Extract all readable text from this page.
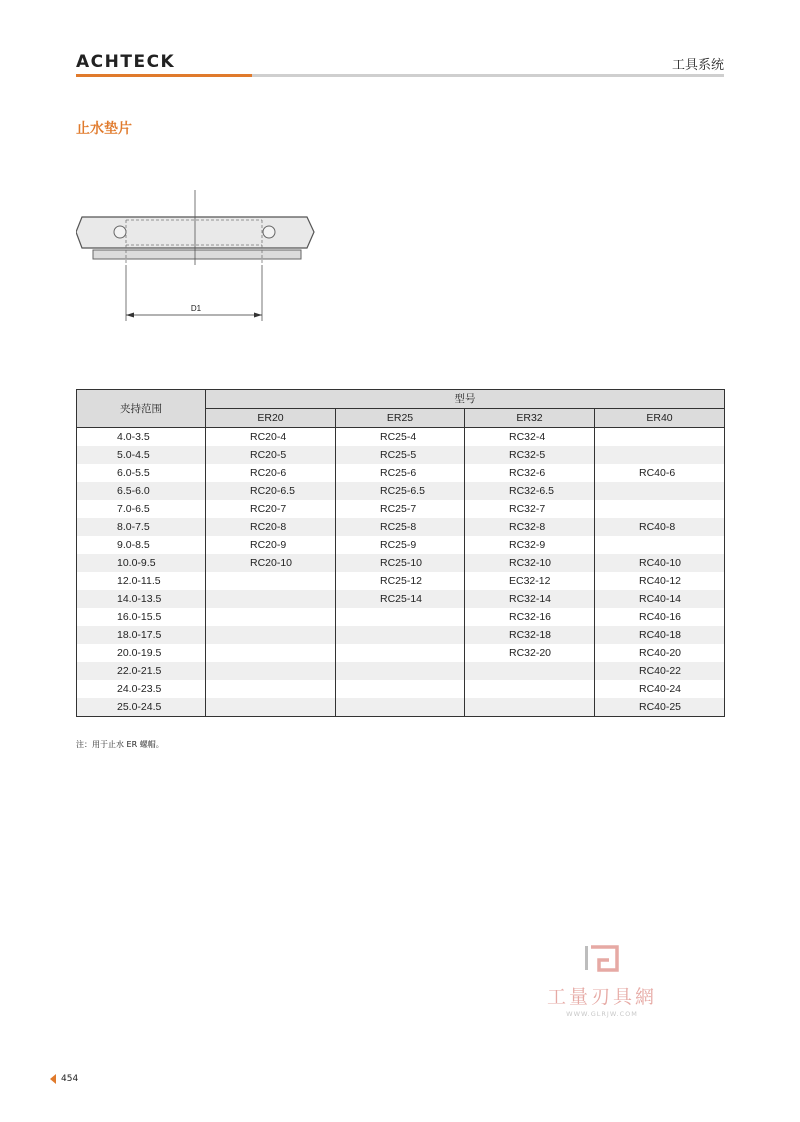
ACHTECK	工具系统
止水垫片
D1
夹持范围	型号			
	ER20	ER25	ER32	ER40
4.0-3.5	RC20-4	RC25-4	RC32-4	
5.0-4.5	RC20-5	RC25-5	RC32-5	
6.0-5.5	RC20-6	RC25-6	RC32-6	RC40-6
6.5-6.0	RC20-6.5	RC25-6.5	RC32-6.5	
7.0-6.5	RC20-7	RC25-7	RC32-7	
8.0-7.5	RC20-8	RC25-8	RC32-8	RC40-8
9.0-8.5	RC20-9	RC25-9	RC32-9	
10.0-9.5	RC20-10	RC25-10	RC32-10	RC40-10
12.0-11.5		RC25-12	EC32-12	RC40-12
14.0-13.5		RC25-14	RC32-14	RC40-14
16.0-15.5			RC32-16	RC40-16
18.0-17.5			RC32-18	RC40-18
20.0-19.5			RC32-20	RC40-20
22.0-21.5				RC40-22
24.0-23.5				RC40-24
25.0-24.5				RC40-25
注：用于止水 ER 螺帽。
工量刃具網
WWW.GLRJW.COM
454
